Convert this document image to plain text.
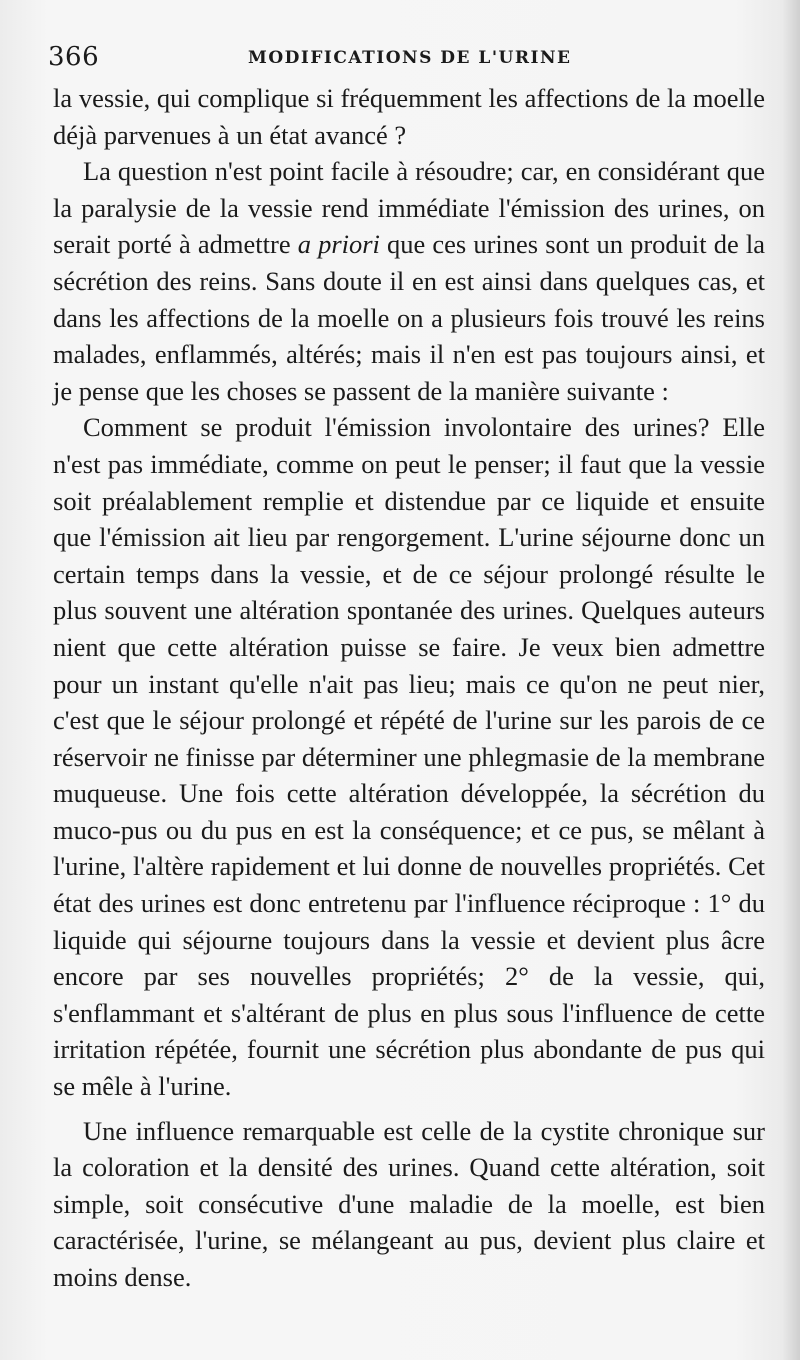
366	MODIFICATIONS DE L'URINE

la vessie, qui complique si fréquemment les affections de la moelle déjà parvenues à un état avancé ?

La question n'est point facile à résoudre; car, en considérant que la paralysie de la vessie rend immédiate l'émission des urines, on serait porté à admettre a priori que ces urines sont un produit de la sécrétion des reins. Sans doute il en est ainsi dans quelques cas, et dans les affections de la moelle on a plusieurs fois trouvé les reins malades, enflammés, altérés; mais il n'en est pas toujours ainsi, et je pense que les choses se passent de la manière suivante :

Comment se produit l'émission involontaire des urines? Elle n'est pas immédiate, comme on peut le penser; il faut que la vessie soit préalablement remplie et distendue par ce liquide et ensuite que l'émission ait lieu par rengorgement. L'urine séjourne donc un certain temps dans la vessie, et de ce séjour prolongé résulte le plus souvent une altération spontanée des urines. Quelques auteurs nient que cette altération puisse se faire. Je veux bien admettre pour un instant qu'elle n'ait pas lieu; mais ce qu'on ne peut nier, c'est que le séjour prolongé et répété de l'urine sur les parois de ce réservoir ne finisse par déterminer une phlegmasie de la membrane muqueuse. Une fois cette altération développée, la sécrétion du muco-pus ou du pus en est la conséquence; et ce pus, se mêlant à l'urine, l'altère rapidement et lui donne de nouvelles propriétés. Cet état des urines est donc entretenu par l'influence réciproque : 1° du liquide qui séjourne toujours dans la vessie et devient plus âcre encore par ses nouvelles propriétés; 2° de la vessie, qui, s'enflammant et s'altérant de plus en plus sous l'influence de cette irritation répétée, fournit une sécrétion plus abondante de pus qui se mêle à l'urine.

Une influence remarquable est celle de la cystite chronique sur la coloration et la densité des urines. Quand cette altération, soit simple, soit consécutive d'une maladie de la moelle, est bien caractérisée, l'urine, se mélangeant au pus, devient plus claire et moins dense.
